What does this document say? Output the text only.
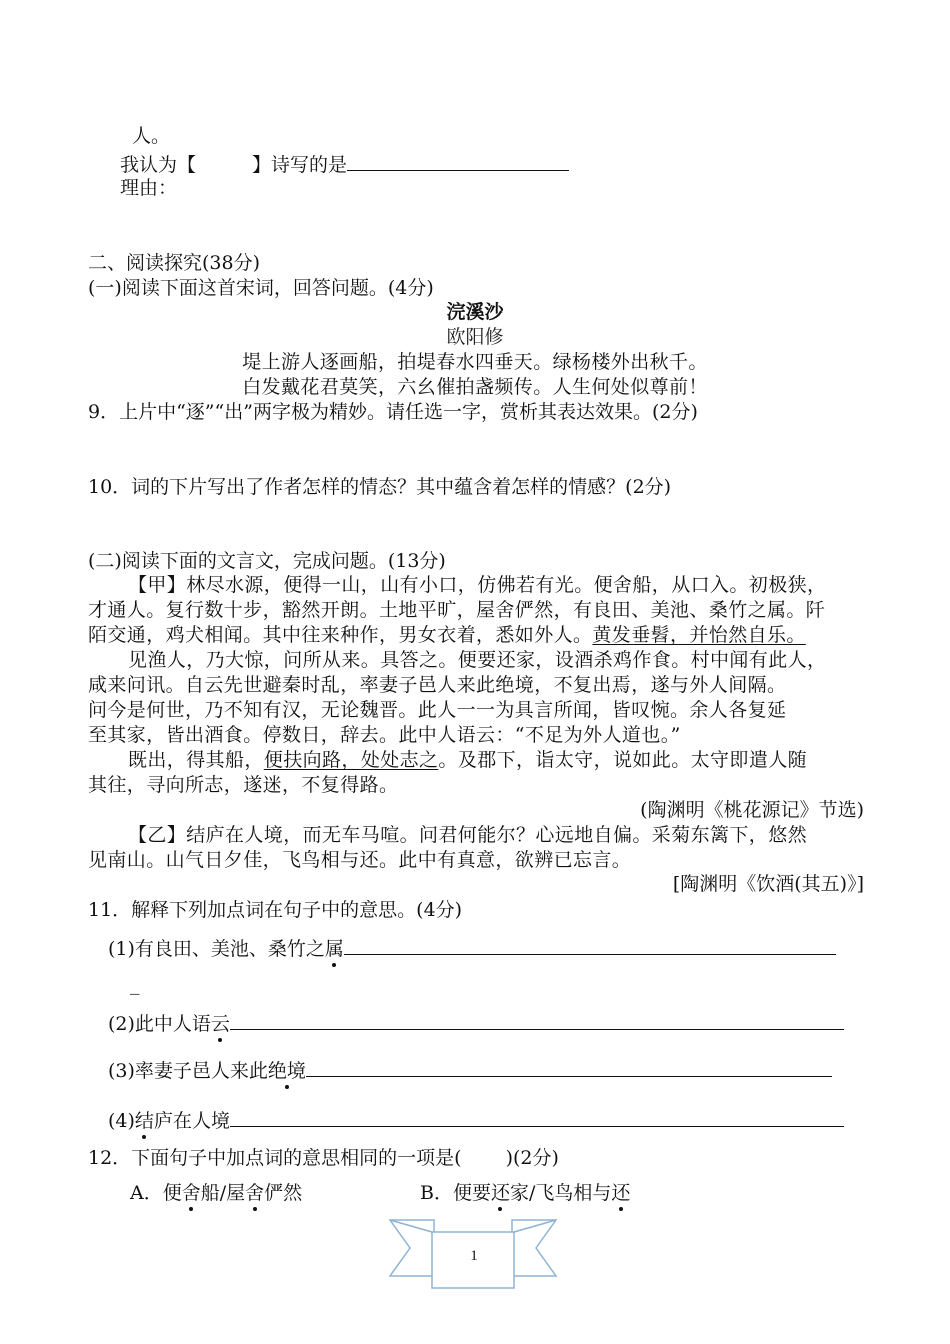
人。
我认为【	】诗写的是
理由：
二、阅读探究(38分)
(一)阅读下面这首宋词，回答问题。(4分)
浣溪沙
欧阳修
堤上游人逐画船，拍堤春水四垂天。绿杨楼外出秋千。
白发戴花君莫笑，六幺催拍盏频传。人生何处似尊前！
9．上片中“逐”“出”两字极为精妙。请任选一字，赏析其表达效果。(2分)
10．词的下片写出了作者怎样的情态？其中蕴含着怎样的情感？(2分)
(二)阅读下面的文言文，完成问题。(13分)
【甲】林尽水源，便得一山，山有小口，仿佛若有光。便舍船，从口入。初极狭，
才通人。复行数十步，豁然开朗。土地平旷，屋舍俨然，有良田、美池、桑竹之属。阡
陌交通，鸡犬相闻。其中往来种作，男女衣着，悉如外人。黄发垂髫，并怡然自乐。
见渔人，乃大惊，问所从来。具答之。便要还家，设酒杀鸡作食。村中闻有此人，
咸来问讯。自云先世避秦时乱，率妻子邑人来此绝境，不复出焉，遂与外人间隔。
问今是何世，乃不知有汉，无论魏晋。此人一一为具言所闻，皆叹惋。余人各复延
至其家，皆出酒食。停数日，辞去。此中人语云：“不足为外人道也。”
既出，得其船，便扶向路，处处志之。及郡下，诣太守，说如此。太守即遣人随
其往，寻向所志，遂迷，不复得路。
(陶渊明《桃花源记》节选)
【乙】结庐在人境，而无车马喧。问君何能尔？心远地自偏。采菊东篱下，悠然
见南山。山气日夕佳，飞鸟相与还。此中有真意，欲辨已忘言。
[陶渊明《饮酒(其五)》]
11．解释下列加点词在句子中的意思。(4分)
(1)有良田、美池、桑竹之属
_
(2)此中人语云
(3)率妻子邑人来此绝境
(4)结庐在人境
12．下面句子中加点词的意思相同的一项是( )(2分)
A．便舍船/屋舍俨然	B．便要还家/飞鸟相与还
1
